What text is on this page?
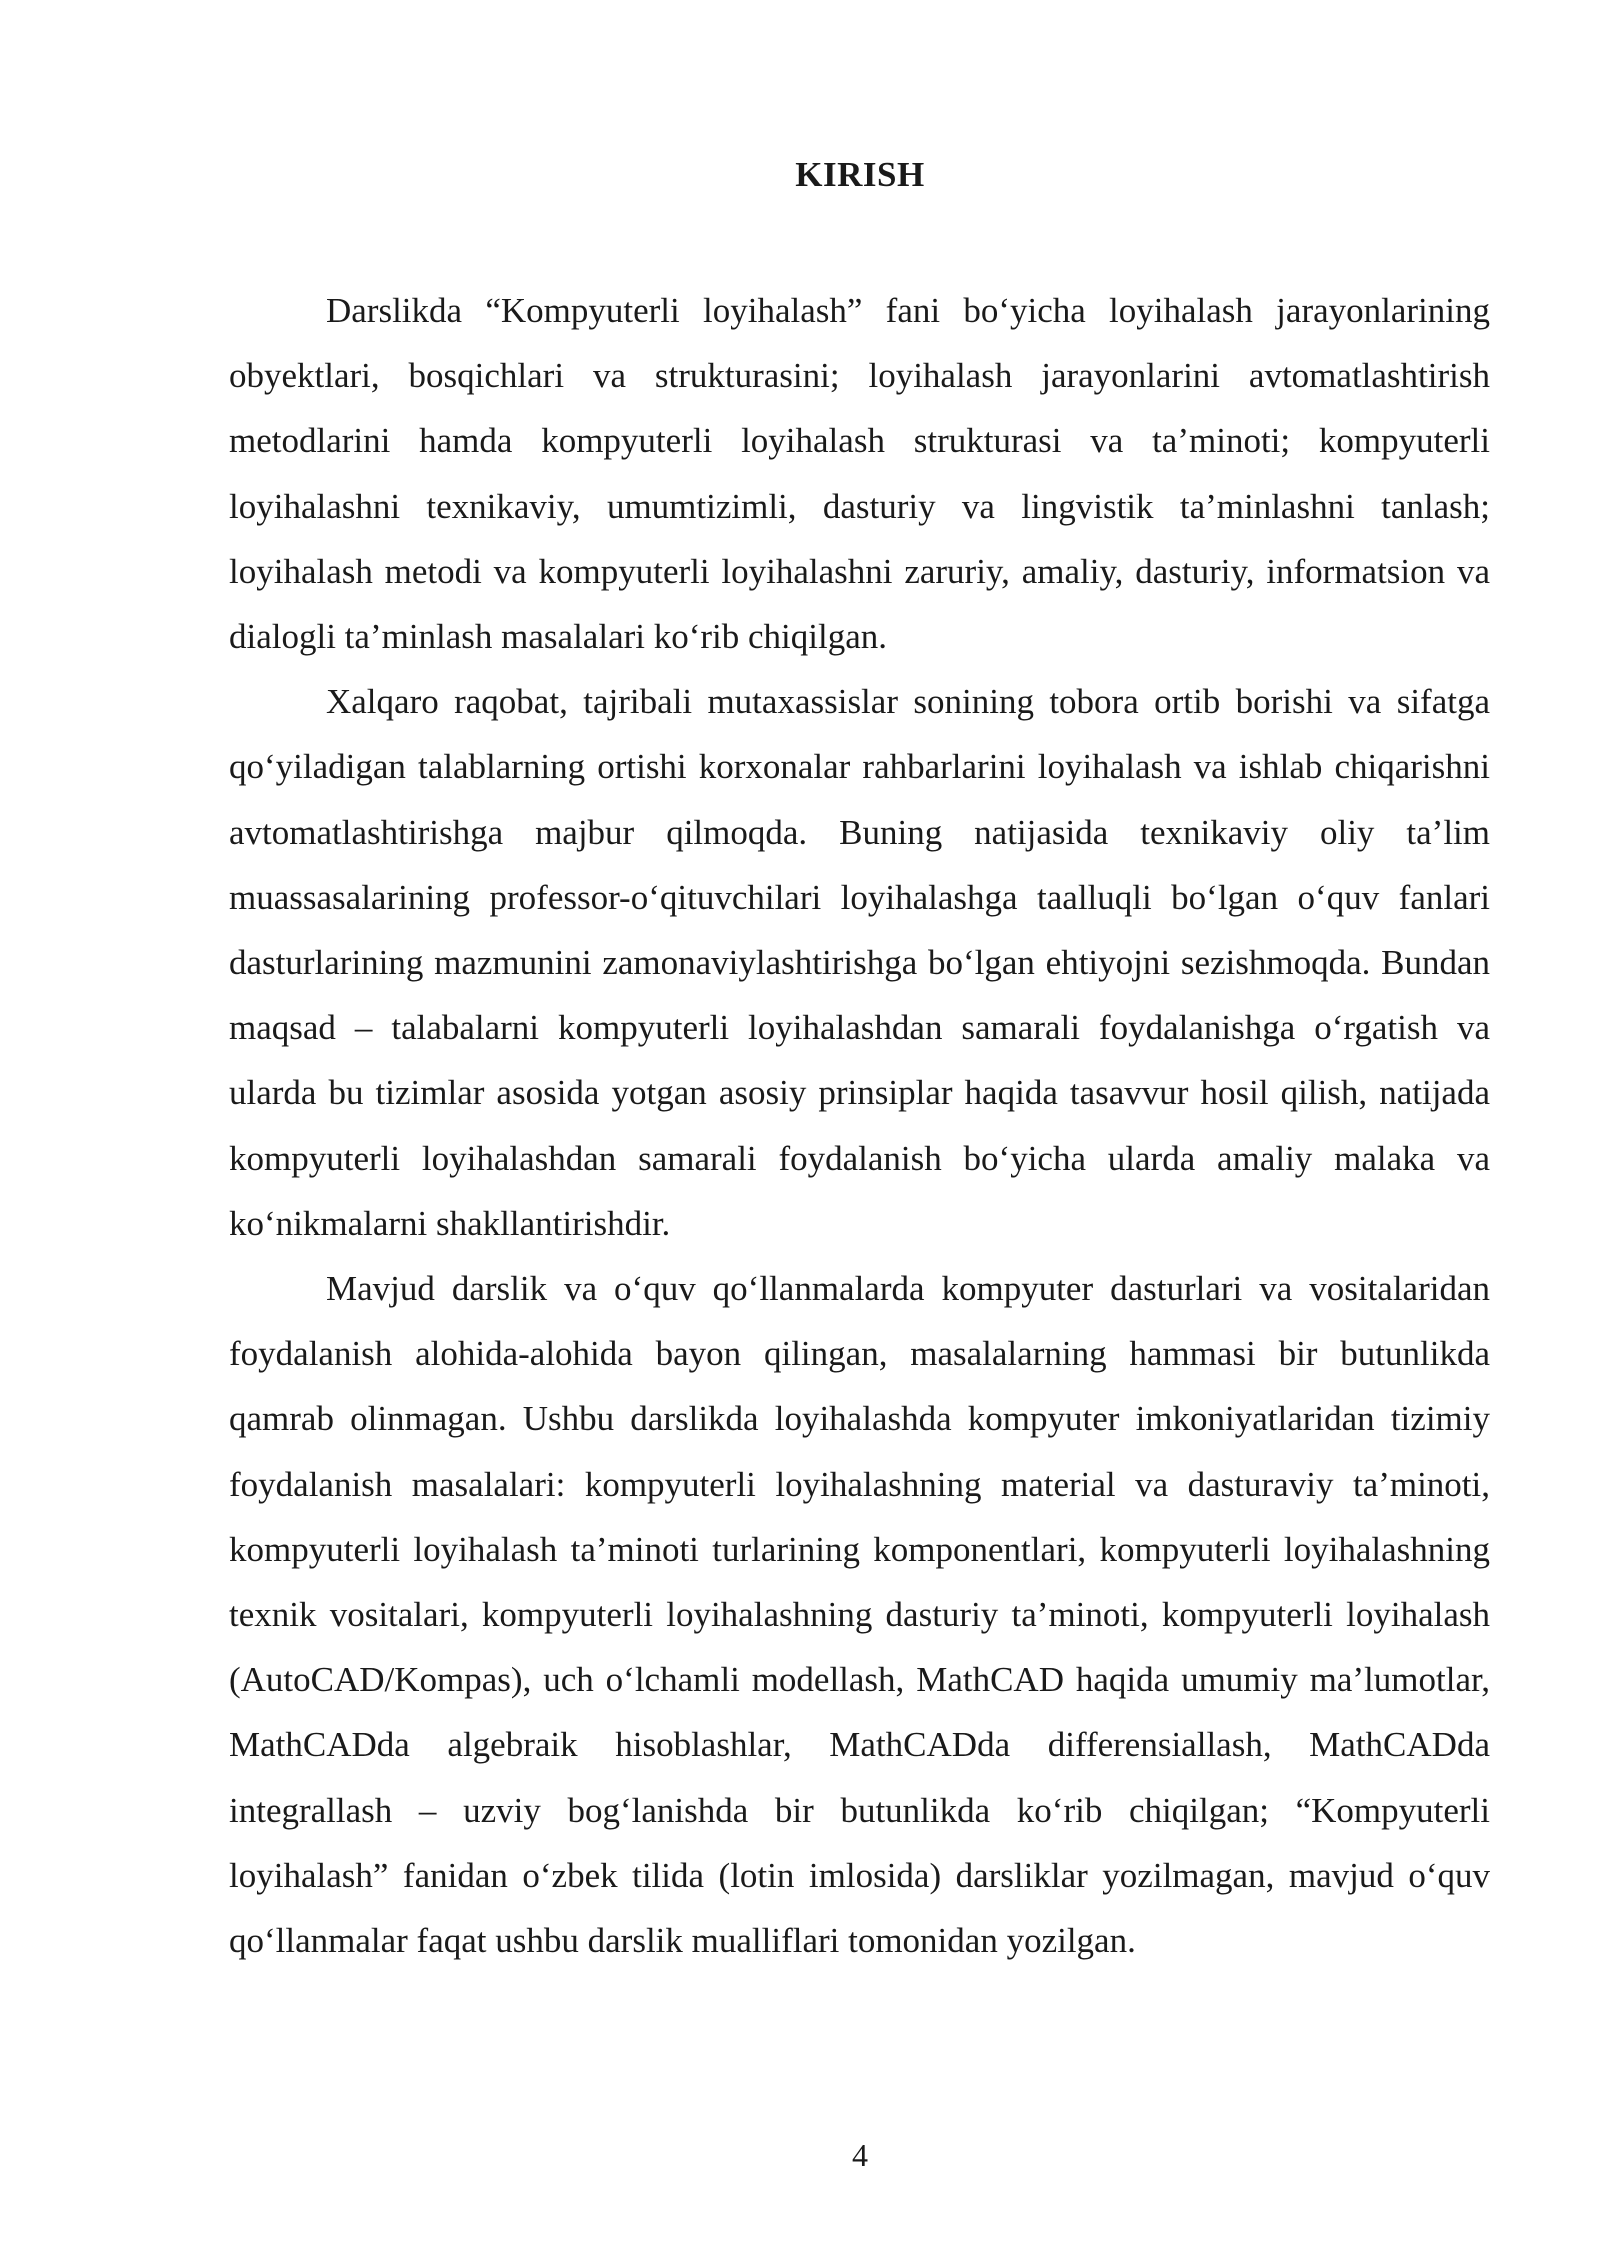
KIRISH

Darslikda “Kompyuterli loyihalash” fani bo‘yicha loyihalash jarayonlarining obyektlari, bosqichlari va strukturasini; loyihalash jarayonlarini avtomatlashtirish metodlarini hamda kompyuterli loyihalash strukturasi va ta’minoti; kompyuterli loyihalashni texnikaviy, umumtizimli, dasturiy va lingvistik ta’minlashni tanlash; loyihalash metodi va kompyuterli loyihalashni zaruriy, amaliy, dasturiy, informatsion va dialogli ta’minlash masalalari ko‘rib chiqilgan.

Xalqaro raqobat, tajribali mutaxassislar sonining tobora ortib borishi va sifatga qo‘yiladigan talablarning ortishi korxonalar rahbarlarini loyihalash va ishlab chiqarishni avtomatlashtirishga majbur qilmoqda. Buning natijasida texnikaviy oliy ta’lim muassasalarining professor-o‘qituvchilari loyihalashga taalluqli bo‘lgan o‘quv fanlari dasturlarining mazmunini zamonaviylashtirishga bo‘lgan ehtiyojni sezishmoqda. Bundan maqsad – talabalarni kompyuterli loyihalashdan samarali foydalanishga o‘rgatish va ularda bu tizimlar asosida yotgan asosiy prinsiplar haqida tasavvur hosil qilish, natijada kompyuterli loyihalashdan samarali foydalanish bo‘yicha ularda amaliy malaka va ko‘nikmalarni shakllantirishdir.

Mavjud darslik va o‘quv qo‘llanmalarda kompyuter dasturlari va vositalaridan foydalanish alohida-alohida bayon qilingan, masalalarning hammasi bir butunlikda qamrab olinmagan. Ushbu darslikda loyihalashda kompyuter imkoniyatlaridan tizimiy foydalanish masalalari: kompyuterli loyihalashning material va dasturaviy ta’minoti, kompyuterli loyihalash ta’minoti turlarining komponentlari, kompyuterli loyihalashning texnik vositalari, kompyuterli loyihalashning dasturiy ta’minoti, kompyuterli loyihalash (AutoCAD/Kompas), uch o‘lchamli modellash, MathCAD haqida umumiy ma’lumotlar, MathCADda algebraik hisoblashlar, MathCADda differensiallash, MathCADda integrallash – uzviy bog‘lanishda bir butunlikda ko‘rib chiqilgan; “Kompyuterli loyihalash” fanidan o‘zbek tilida (lotin imlosida) darsliklar yozilmagan, mavjud o‘quv qo‘llanmalar faqat ushbu darslik mualliflari tomonidan yozilgan.

4
